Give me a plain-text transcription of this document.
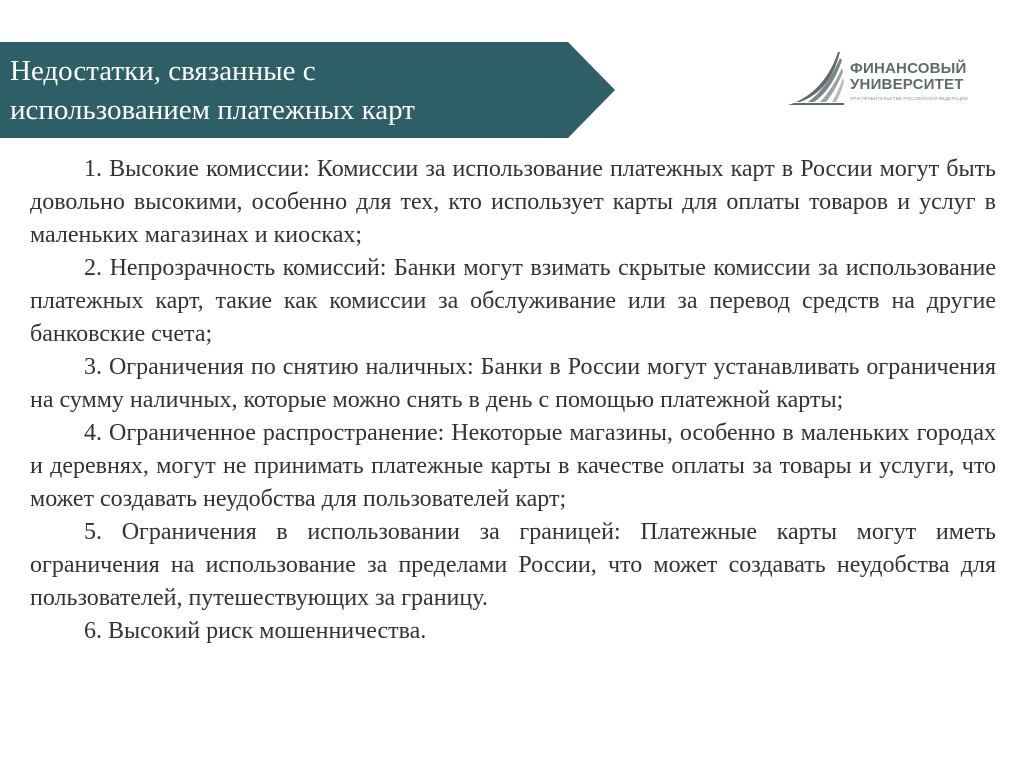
Недостатки, связанные с
использованием платежных карт
ФИНАНСОВЫЙ
УНИВЕРСИТЕТ
ПРИ ПРАВИТЕЛЬСТВЕ РОССИЙСКОЙ ФЕДЕРАЦИИ

1. Высокие комиссии: Комиссии за использование платежных карт в России могут быть довольно высокими, особенно для тех, кто использует карты для оплаты товаров и услуг в маленьких магазинах и киосках;

2. Непрозрачность комиссий: Банки могут взимать скрытые комиссии за использование платежных карт, такие как комиссии за обслуживание или за перевод средств на другие банковские счета;

3. Ограничения по снятию наличных: Банки в России могут устанавливать ограничения на сумму наличных, которые можно снять в день с помощью платежной карты;

4. Ограниченное распространение: Некоторые магазины, особенно в маленьких городах и деревнях, могут не принимать платежные карты в качестве оплаты за товары и услуги, что может создавать неудобства для пользователей карт;

5. Ограничения в использовании за границей: Платежные карты могут иметь ограничения на использование за пределами России, что может создавать неудобства для пользователей, путешествующих за границу.

6. Высокий риск мошенничества.
